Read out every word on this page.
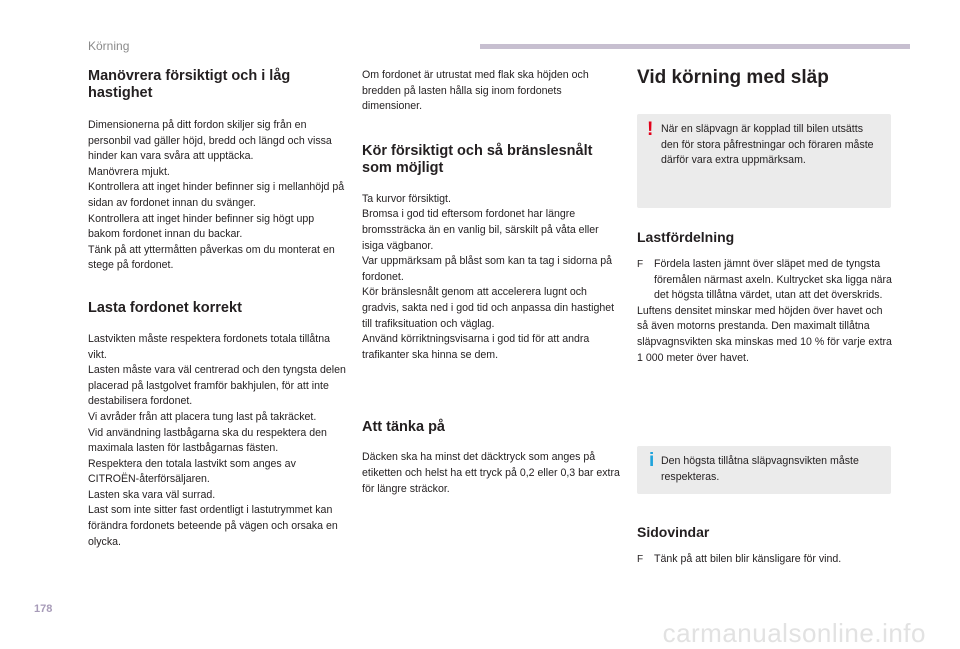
Körning
Manövrera försiktigt och i låg hastighet

Dimensionerna på ditt fordon skiljer sig från en personbil vad gäller höjd, bredd och längd och vissa hinder kan vara svåra att upptäcka.
Manövrera mjukt.
Kontrollera att inget hinder befinner sig i mellanhöjd på sidan av fordonet innan du svänger.
Kontrollera att inget hinder befinner sig högt upp bakom fordonet innan du backar.
Tänk på att yttermåtten påverkas om du monterat en stege på fordonet.

Lasta fordonet korrekt

Lastvikten måste respektera fordonets totala tillåtna vikt.
Lasten måste vara väl centrerad och den tyngsta delen placerad på lastgolvet framför bakhjulen, för att inte destabilisera fordonet.
Vi avråder från att placera tung last på takräcket.
Vid användning lastbågarna ska du respektera den maximala lasten för lastbågarnas fästen.
Respektera den totala lastvikt som anges av CITROËN-återförsäljaren.
Lasten ska vara väl surrad.
Last som inte sitter fast ordentligt i lastutrymmet kan förändra fordonets beteende på vägen och orsaka en olycka.

Om fordonet är utrustat med flak ska höjden och bredden på lasten hålla sig inom fordonets dimensioner.

Kör försiktigt och så bränslesnålt som möjligt

Ta kurvor försiktigt.
Bromsa i god tid eftersom fordonet har längre bromssträcka än en vanlig bil, särskilt på våta eller isiga vägbanor.
Var uppmärksam på blåst som kan ta tag i sidorna på fordonet.
Kör bränslesnålt genom att accelerera lugnt och gradvis, sakta ned i god tid och anpassa din hastighet till trafiksituation och väglag.
Använd körriktningsvisarna i god tid för att andra trafikanter ska hinna se dem.

Att tänka på

Däcken ska ha minst det däcktryck som anges på etiketten och helst ha ett tryck på 0,2 eller 0,3 bar extra för längre sträckor.

Vid körning med släp
! När en släpvagn är kopplad till bilen utsätts den för stora påfrestningar och föraren måste därför vara extra uppmärksam.
Lastfördelning
F	Fördela lasten jämnt över släpet med de tyngsta föremålen närmast axeln. Kultrycket ska ligga nära det högsta tillåtna värdet, utan att det överskrids.

Luftens densitet minskar med höjden över havet och så även motorns prestanda. Den maximalt tillåtna släpvagnsvikten ska minskas med 10 % för varje extra 1 000 meter över havet.

i Den högsta tillåtna släpvagnsvikten måste respekteras.
Sidovindar
F	Tänk på att bilen blir känsligare för vind.
178
carmanualsonline.info
